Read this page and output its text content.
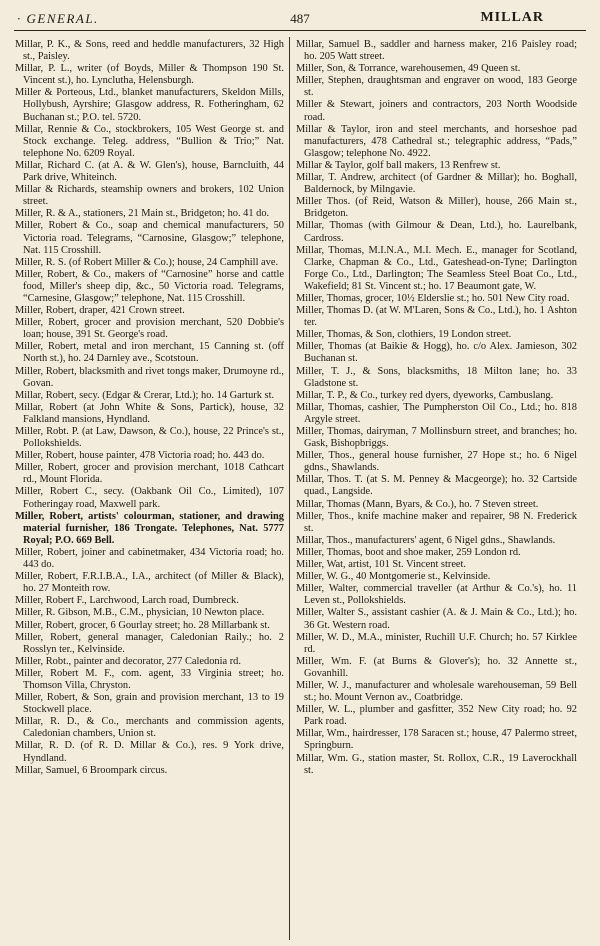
· GENERAL.	487	MILLAR

Millar, P. K., & Sons, reed and heddle manufacturers, 32 High st., Paisley.

Millar, P. L., writer (of Boyds, Miller & Thompson 190 St. Vincent st.), ho. Lynclutha, Helensburgh.

Miller & Porteous, Ltd., blanket manufacturers, Skeldon Mills, Hollybush, Ayrshire; Glasgow address, R. Fotheringham, 62 Buchanan st.; P.O. tel. 5720.

Millar, Rennie & Co., stockbrokers, 105 West George st. and Stock exchange. Teleg. address, “Bullion & Trio;” Nat. telephone No. 6209 Royal.

Millar, Richard C. (at A. & W. Glen's), house, Barncluith, 44 Park drive, Whiteinch.

Millar & Richards, steamship owners and brokers, 102 Union street.

Miller, R. & A., stationers, 21 Main st., Bridgeton; ho. 41 do.

Miller, Robert & Co., soap and chemical manufacturers, 50 Victoria road. Telegrams, “Carnosine, Glasgow;” telephone, Nat. 115 Crosshill.

Miller, R. S. (of Robert Miller & Co.); house, 24 Camphill ave.

Miller, Robert, & Co., makers of “Carnosine” horse and cattle food, Miller's sheep dip, &c., 50 Victoria road. Telegrams, “Carnesine, Glasgow;” telephone, Nat. 115 Crosshill.

Miller, Robert, draper, 421 Crown street.

Miller, Robert, grocer and provision merchant, 520 Dobbie's loan; house, 391 St. George's road.

Miller, Robert, metal and iron merchant, 15 Canning st. (off North st.), ho. 24 Darnley ave., Scotstoun.

Miller, Robert, blacksmith and rivet tongs maker, Drumoyne rd., Govan.

Millar, Robert, secy. (Edgar & Crerar, Ltd.); ho. 14 Garturk st.

Millar, Robert (at John White & Sons, Partick), house, 32 Falkland mansions, Hyndland.

Miller, Robt. P. (at Law, Dawson, & Co.), house, 22 Prince's st., Pollokshields.

Miller, Robert, house painter, 478 Victoria road; ho. 443 do.

Miller, Robert, grocer and provision merchant, 1018 Cathcart rd., Mount Florida.

Miller, Robert C., secy. (Oakbank Oil Co., Limited), 107 Fotheringay road, Maxwell park.

Miller, Robert, artists' colourman, stationer, and drawing material furnisher, 186 Trongate. Telephones, Nat. 5777 Royal; P.O. 669 Bell.

Miller, Robert, joiner and cabinetmaker, 434 Victoria road; ho. 443 do.

Miller, Robert, F.R.I.B.A., I.A., architect (of Miller & Black), ho. 27 Monteith row.

Miller, Robert F., Larchwood, Larch road, Dumbreck.

Miller, R. Gibson, M.B., C.M., physician, 10 Newton place.

Miller, Robert, grocer, 6 Gourlay street; ho. 28 Millarbank st.

Miller, Robert, general manager, Caledonian Raily.; ho. 2 Rosslyn ter., Kelvinside.

Miller, Robt., painter and decorator, 277 Caledonia rd.

Miller, Robert M. F., com. agent, 33 Virginia street; ho. Thomson Villa, Chryston.

Miller, Robert, & Son, grain and provision merchant, 13 to 19 Stockwell place.

Millar, R. D., & Co., merchants and commission agents, Caledonian chambers, Union st.

Millar, R. D. (of R. D. Millar & Co.), res. 9 York drive, Hyndland.

Millar, Samuel, 6 Broompark circus.

Millar, Samuel B., saddler and harness maker, 216 Paisley road; ho. 205 Watt street.

Miller, Son, & Torrance, warehousemen, 49 Queen st.

Miller, Stephen, draughtsman and engraver on wood, 183 George st.

Miller & Stewart, joiners and contractors, 203 North Woodside road.

Millar & Taylor, iron and steel merchants, and horseshoe pad manufacturers, 478 Cathedral st.; telegraphic address, “Pads,” Glasgow; telephone No. 4922.

Millar & Taylor, golf ball makers, 13 Renfrew st.

Millar, T. Andrew, architect (of Gardner & Millar); ho. Boghall, Baldernock, by Milngavie.

Miller Thos. (of Reid, Watson & Miller), house, 266 Main st., Bridgeton.

Millar, Thomas (with Gilmour & Dean, Ltd.), ho. Laurelbank, Cardross.

Millar, Thomas, M.I.N.A., M.I. Mech. E., manager for Scotland, Clarke, Chapman & Co., Ltd., Gateshead-on-Tyne; Darlington Forge Co., Ltd., Darlington; The Seamless Steel Boat Co., Ltd., Wakefield; 81 St. Vincent st.; ho. 17 Beaumont gate, W.

Miller, Thomas, grocer, 10½ Elderslie st.; ho. 501 New City road.

Miller, Thomas D. (at W. M'Laren, Sons & Co., Ltd.), ho. 1 Ashton ter.

Miller, Thomas, & Son, clothiers, 19 London street.

Miller, Thomas (at Baikie & Hogg), ho. c/o Alex. Jamieson, 302 Buchanan st.

Miller, T. J., & Sons, blacksmiths, 18 Milton lane; ho. 33 Gladstone st.

Millar, T. P., & Co., turkey red dyers, dyeworks, Cambuslang.

Millar, Thomas, cashier, The Pumpherston Oil Co., Ltd.; ho. 818 Argyle street.

Miller, Thomas, dairyman, 7 Mollinsburn street, and branches; ho. Gask, Bishopbriggs.

Miller, Thos., general house furnisher, 27 Hope st.; ho. 6 Nigel gdns., Shawlands.

Millar, Thos. T. (at S. M. Penney & Macgeorge); ho. 32 Cartside quad., Langside.

Millar, Thomas (Mann, Byars, & Co.), ho. 7 Steven street.

Miller, Thos., knife machine maker and repairer, 98 N. Frederick st.

Millar, Thos., manufacturers' agent, 6 Nigel gdns., Shawlands.

Miller, Thomas, boot and shoe maker, 259 London rd.

Miller, Wat, artist, 101 St. Vincent street.

Miller, W. G., 40 Montgomerie st., Kelvinside.

Miller, Walter, commercial traveller (at Arthur & Co.'s), ho. 11 Leven st., Pollokshields.

Miller, Walter S., assistant cashier (A. & J. Main & Co., Ltd.); ho. 36 Gt. Western road.

Miller, W. D., M.A., minister, Ruchill U.F. Church; ho. 57 Kirklee rd.

Miller, Wm. F. (at Burns & Glover's); ho. 32 Annette st., Govanhill.

Miller, W. J., manufacturer and wholesale warehouseman, 59 Bell st.; ho. Mount Vernon av., Coatbridge.

Miller, W. L., plumber and gasfitter, 352 New City road; ho. 92 Park road.

Millar, Wm., hairdresser, 178 Saracen st.; house, 47 Palermo street, Springburn.

Millar, Wm. G., station master, St. Rollox, C.R., 19 Laverockhall st.
